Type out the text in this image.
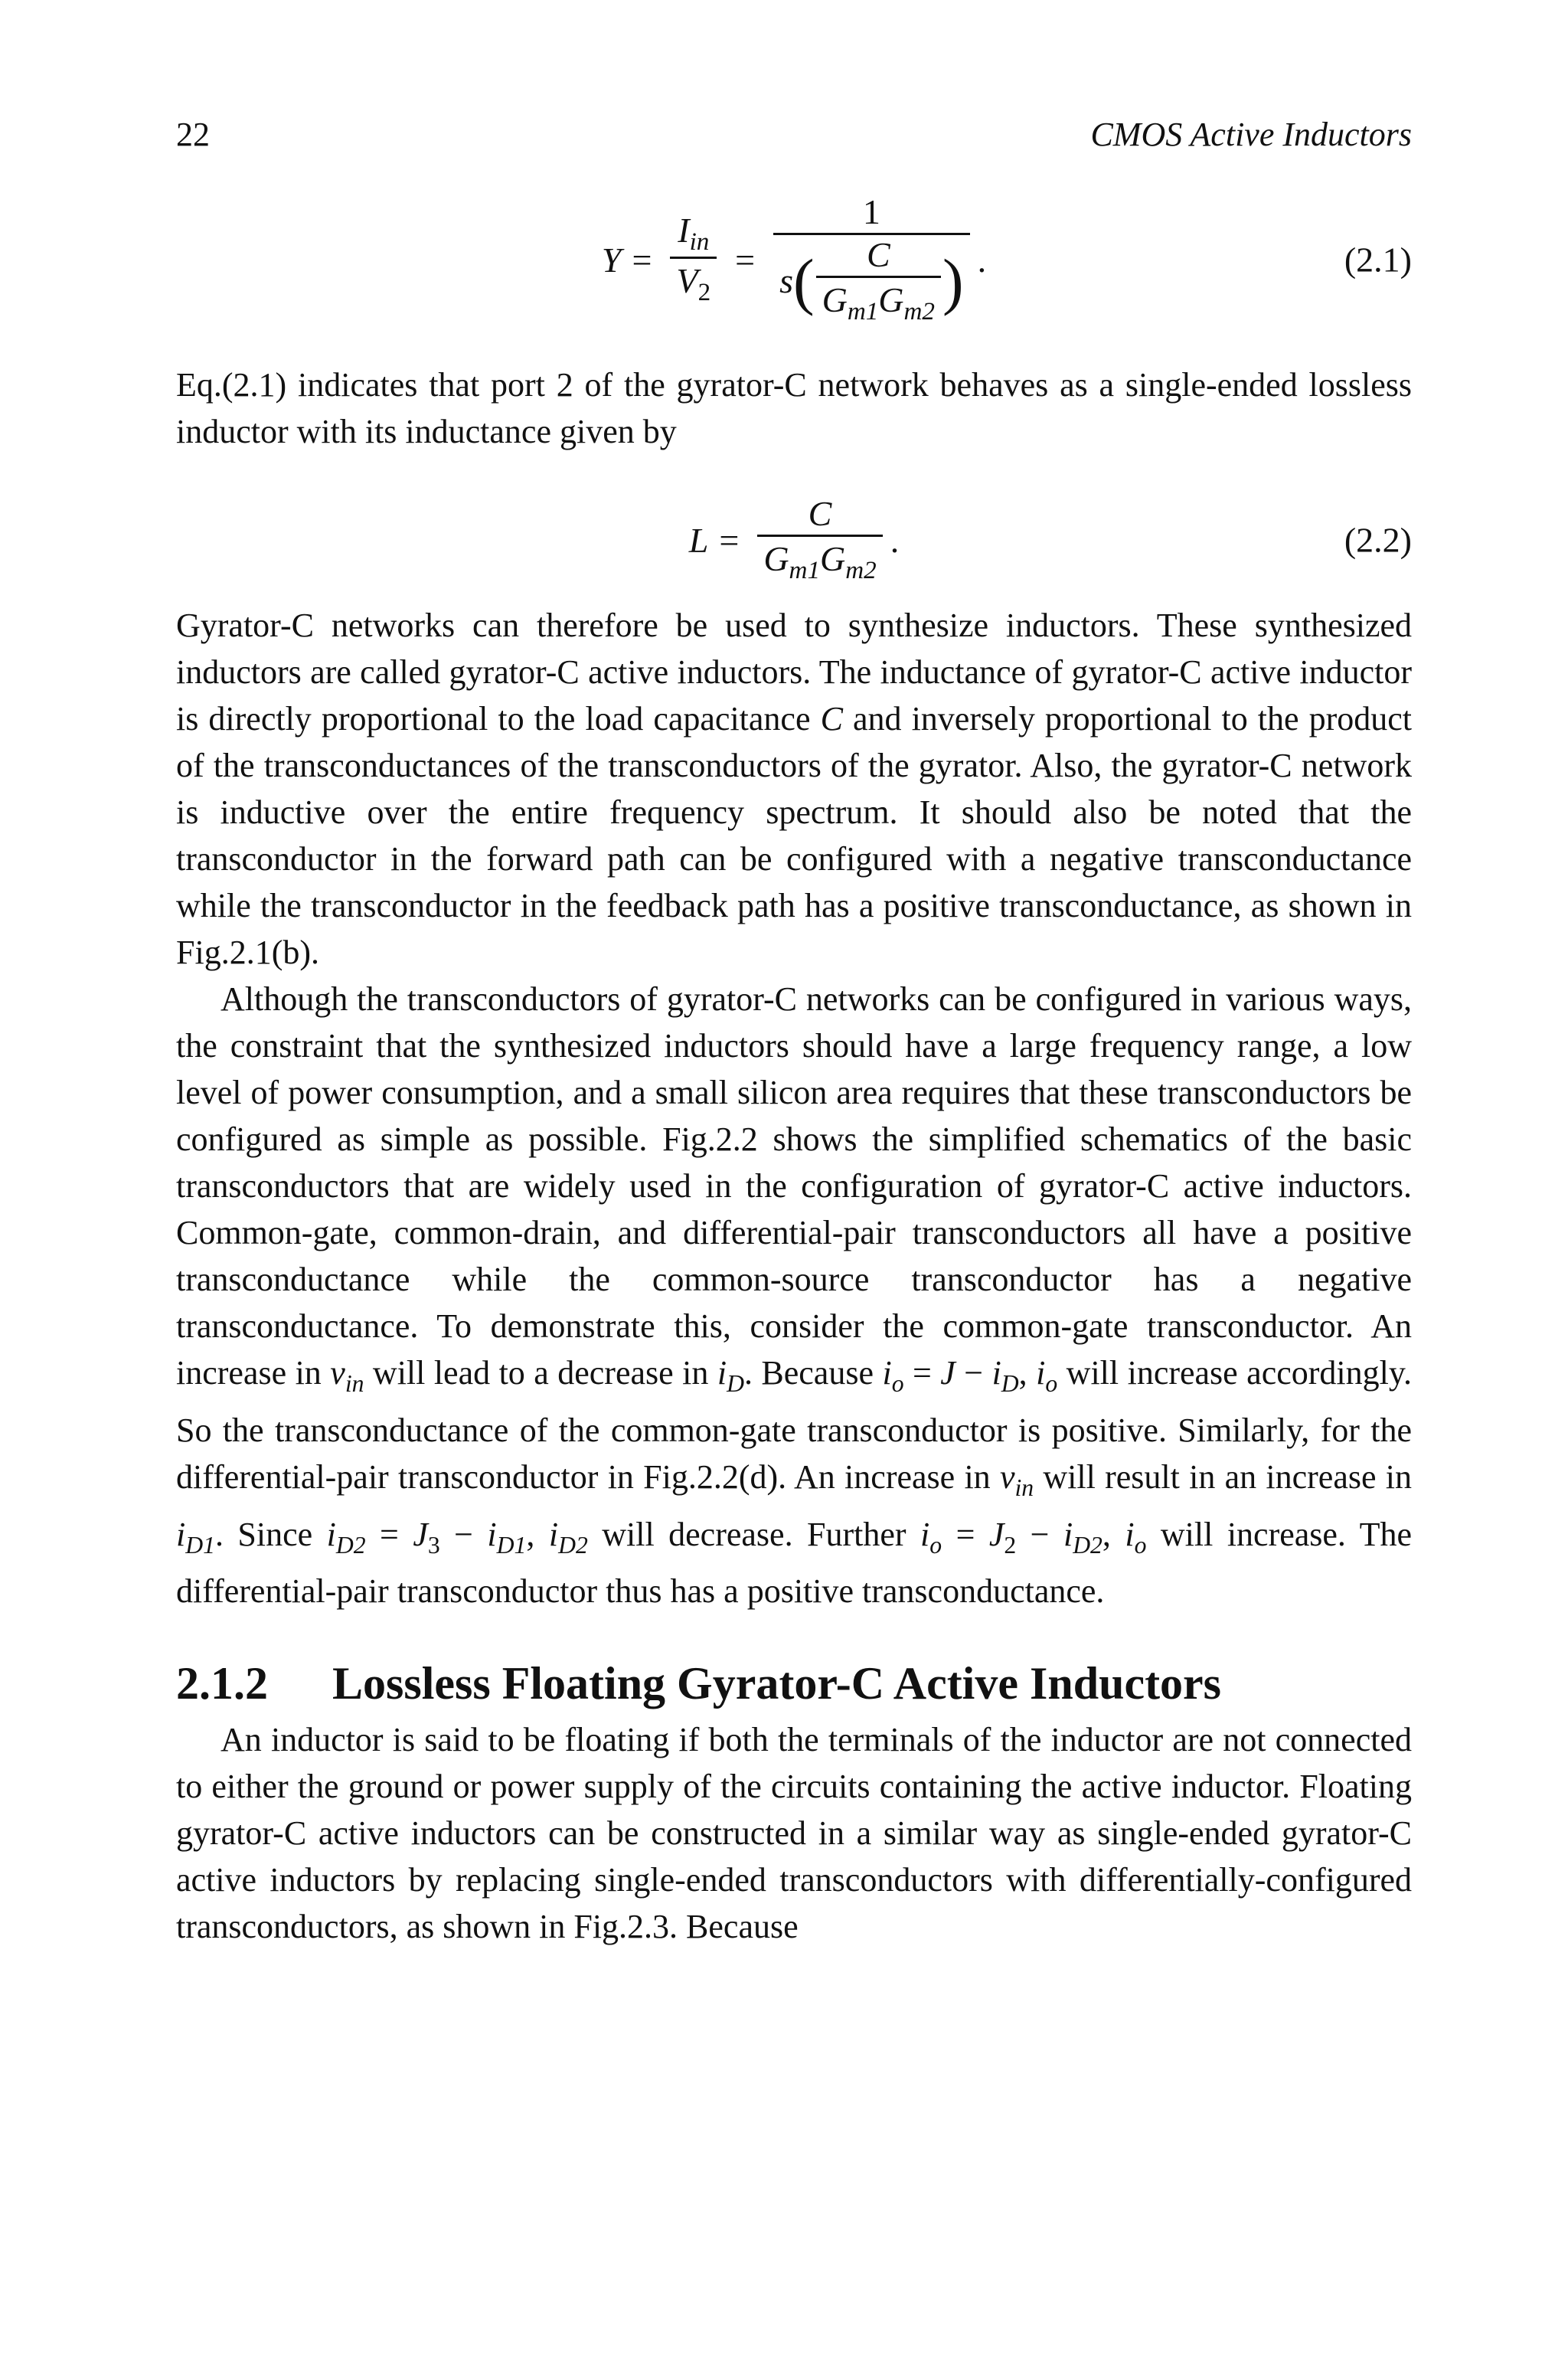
22	CMOS Active Inductors
$Y = \frac{I_{in}}{V_2}$ =
1
s ( $\frac{C}{G_{m1}G_{m2}}$ ) .	(2.1)

Eq.(2.1) indicates that port 2 of the gyrator-C network behaves as a single-ended lossless inductor with its inductance given by

$L = \frac{C}{G_{m1}G_{m2}}$ .	(2.2)

Gyrator-C networks can therefore be used to synthesize inductors. These synthesized inductors are called gyrator-C active inductors. The inductance of gyrator-C active inductor is directly proportional to the load capacitance C and inversely proportional to the product of the transconductances of the transconductors of the gyrator. Also, the gyrator-C network is inductive over the entire frequency spectrum. It should also be noted that the transconductor in the forward path can be configured with a negative transconductance while the transconductor in the feedback path has a positive transconductance, as shown in Fig.2.1(b).

Although the transconductors of gyrator-C networks can be configured in various ways, the constraint that the synthesized inductors should have a large frequency range, a low level of power consumption, and a small silicon area requires that these transconductors be configured as simple as possible. Fig.2.2 shows the simplified schematics of the basic transconductors that are widely used in the configuration of gyrator-C active inductors. Common-gate, common-drain, and differential-pair transconductors all have a positive transconductance while the common-source transconductor has a negative transconductance. To demonstrate this, consider the common-gate transconductor. An increase in $v_{in}$ will lead to a decrease in $i_D$. Because $i_o = J - i_D$, $i_o$ will increase accordingly. So the transconductance of the common-gate transconductor is positive. Similarly, for the differential-pair transconductor in Fig.2.2(d). An increase in $v_{in}$ will result in an increase in $i_{D1}$. Since $i_{D2} = J_3 - i_{D1}$, $i_{D2}$ will decrease. Further $i_o = J_2 - i_{D2}$, $i_o$ will increase. The differential-pair transconductor thus has a positive transconductance.

2.1.2 Lossless Floating Gyrator-C Active Inductors

An inductor is said to be floating if both the terminals of the inductor are not connected to either the ground or power supply of the circuits containing the active inductor. Floating gyrator-C active inductors can be constructed in a similar way as single-ended gyrator-C active inductors by replacing single-ended transconductors with differentially-configured transconductors, as shown in Fig.2.3. Because
